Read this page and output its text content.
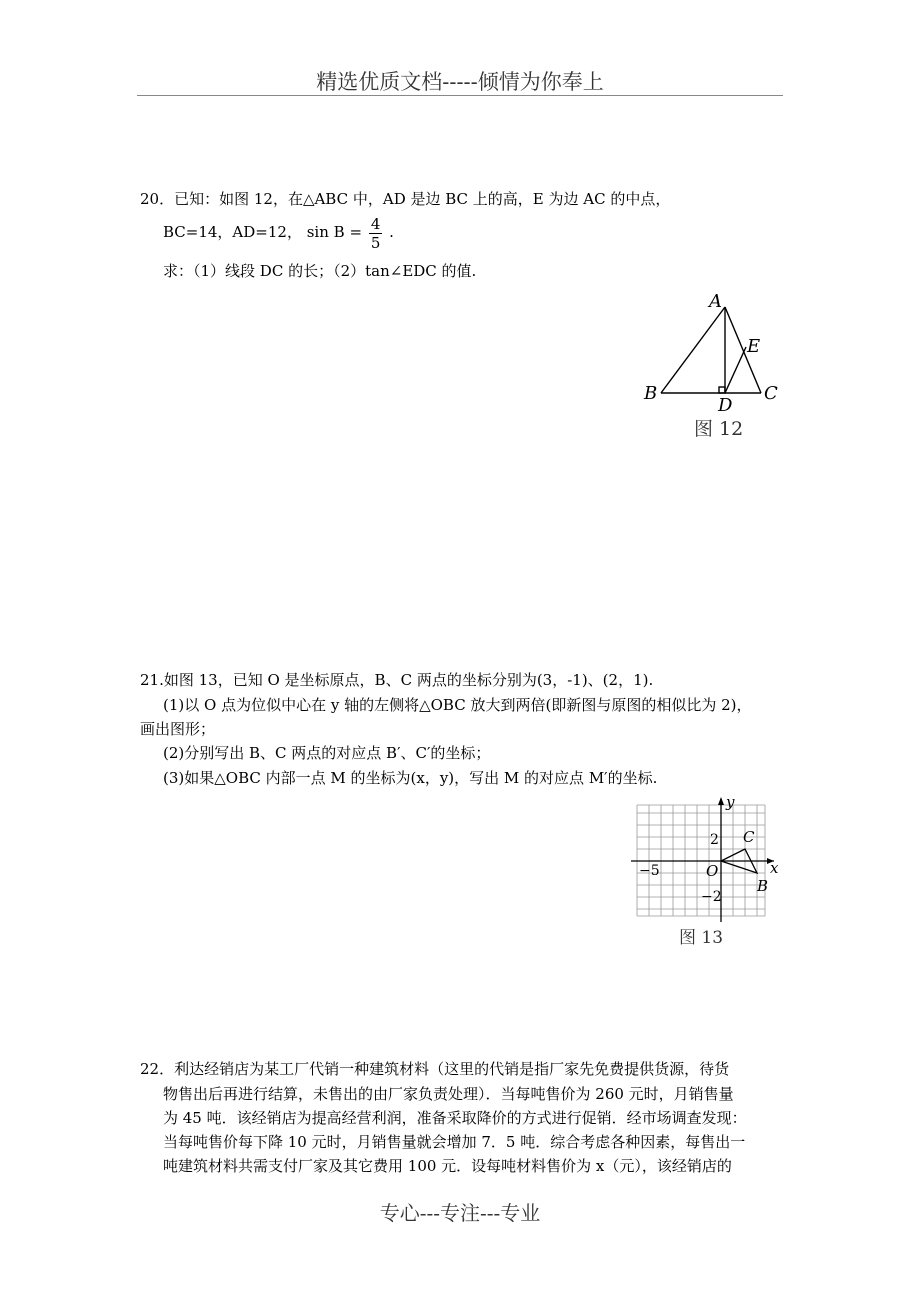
精选优质文档-----倾情为你奉上
20．已知：如图 12，在△ABC 中，AD 是边 BC 上的高，E 为边 AC 的中点，
BC=14，AD=12， $\sin B = \frac{4}{5}$ .
求：（1）线段 DC 的长；（2）tan∠EDC 的值.
A
B	C
D
E
图 12
21.如图 13，已知 O 是坐标原点，B、C 两点的坐标分别为(3，-1)、(2，1).
(1)以 O 点为位似中心在 y 轴的左侧将△OBC 放大到两倍(即新图与原图的相似比为 2)，
画出图形；
(2)分别写出 B、C 两点的对应点 B′、C′的坐标；
(3)如果△OBC 内部一点 M 的坐标为(x，y)，写出 M 的对应点 M′的坐标.
y
x
O
2
−2
−5
C
B
图 13
22．利达经销店为某工厂代销一种建筑材料（这里的代销是指厂家先免费提供货源，待货
物售出后再进行结算，未售出的由厂家负责处理）．当每吨售价为 260 元时，月销售量
为 45 吨．该经销店为提高经营利润，准备采取降价的方式进行促销．经市场调查发现：
当每吨售价每下降 10 元时，月销售量就会增加 7．5 吨．综合考虑各种因素，每售出一
吨建筑材料共需支付厂家及其它费用 100 元．设每吨材料售价为 x（元），该经销店的
专心---专注---专业
